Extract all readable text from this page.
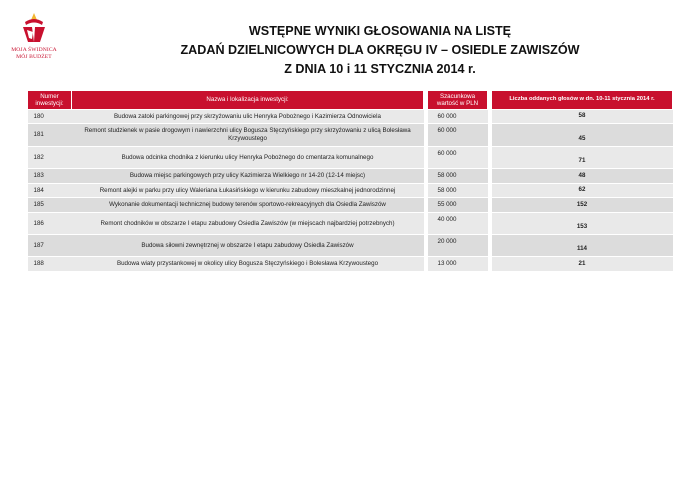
MOJA ŚWIDNICA
MÓJ BUDŻET
WSTĘPNE WYNIKI GŁOSOWANIA NA LISTĘ
ZADAŃ DZIELNICOWYCH DLA OKRĘGU IV – OSIEDLE ZAWISZÓW
Z DNIA 10 i 11 STYCZNIA 2014 r.
Numer inwestycji:	Nazwa i lokalizacja inwestycji:		Szacunkowa wartość w PLN		Liczba oddanych głosów w dn. 10-11 stycznia 2014 r.
180	Budowa zatoki parkingowej przy skrzyżowaniu ulic Henryka Pobożnego i Kazimierza Odnowiciela		60 000		58
181	Remont studzienek w pasie drogowym i nawierzchni ulicy Bogusza Stęczyńskiego przy skrzyżowaniu z ulicą Bolesława Krzywoustego		60 000		45
182	Budowa odcinka chodnika z kierunku ulicy Henryka Pobożnego do cmentarza komunalnego		60 000		71
183	Budowa miejsc parkingowych przy ulicy Kazimierza Wielkiego nr 14-20 (12-14 miejsc)		58 000		48
184	Remont alejki w parku przy ulicy Waleriana Łukasińskiego w kierunku zabudowy mieszkalnej jednorodzinnej		58 000		62
185	Wykonanie dokumentacji technicznej budowy terenów sportowo-rekreacyjnych dla Osiedla Zawiszów		55 000		152
186	Remont chodników w obszarze I etapu zabudowy Osiedla Zawiszów (w miejscach najbardziej potrzebnych)		40 000		153
187	Budowa siłowni zewnętrznej w obszarze I etapu zabudowy Osiedla Zawiszów		20 000		114
188	Budowa wiaty przystankowej w okolicy ulicy Bogusza Stęczyńskiego i Bolesława Krzywoustego		13 000		21
